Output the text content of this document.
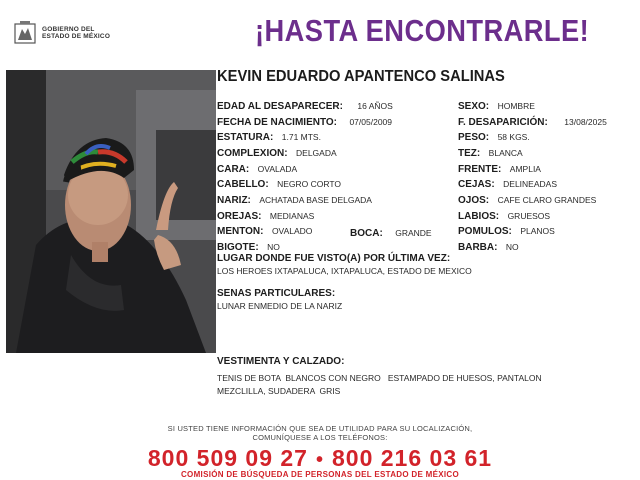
GOBIERNO DEL
ESTADO DE MÉXICO	¡HASTA ENCONTRARLE!
KEVIN EDUARDO APANTENCO SALINAS
EDAD AL DESAPARECER: 16 AÑOS
FECHA DE NACIMIENTO: 07/05/2009
ESTATURA: 1.71 MTS.
COMPLEXION: DELGADA
CARA: OVALADA
CABELLO: NEGRO CORTO
NARIZ: ACHATADA BASE DELGADA
OREJAS: MEDIANAS
MENTON: OVALADO	BOCA: GRANDE
BIGOTE: NO
SEXO: HOMBRE
F. DESAPARICIÓN: 13/08/2025
PESO: 58 KGS.
TEZ: BLANCA
FRENTE: AMPLIA
CEJAS: DELINEADAS
OJOS: CAFE CLARO GRANDES
LABIOS: GRUESOS
POMULOS: PLANOS
BARBA: NO
LUGAR DONDE FUE VISTO(A) POR ÚLTIMA VEZ:
LOS HEROES IXTAPALUCA, IXTAPALUCA, ESTADO DE MEXICO
SENAS PARTICULARES:
LUNAR ENMEDIO DE LA NARIZ
VESTIMENTA Y CALZADO:
TENIS DE BOTA  BLANCOS CON NEGRO   ESTAMPADO DE HUESOS, PANTALON
MEZCLILLA, SUDADERA  GRIS
SI USTED TIENE INFORMACIÓN QUE SEA DE UTILIDAD PARA SU LOCALIZACIÓN,
COMUNÍQUESE A LOS TELÉFONOS:
800 509 09 27 • 800 216 03 61
COMISIÓN DE BÚSQUEDA DE PERSONAS DEL ESTADO DE MÉXICO
